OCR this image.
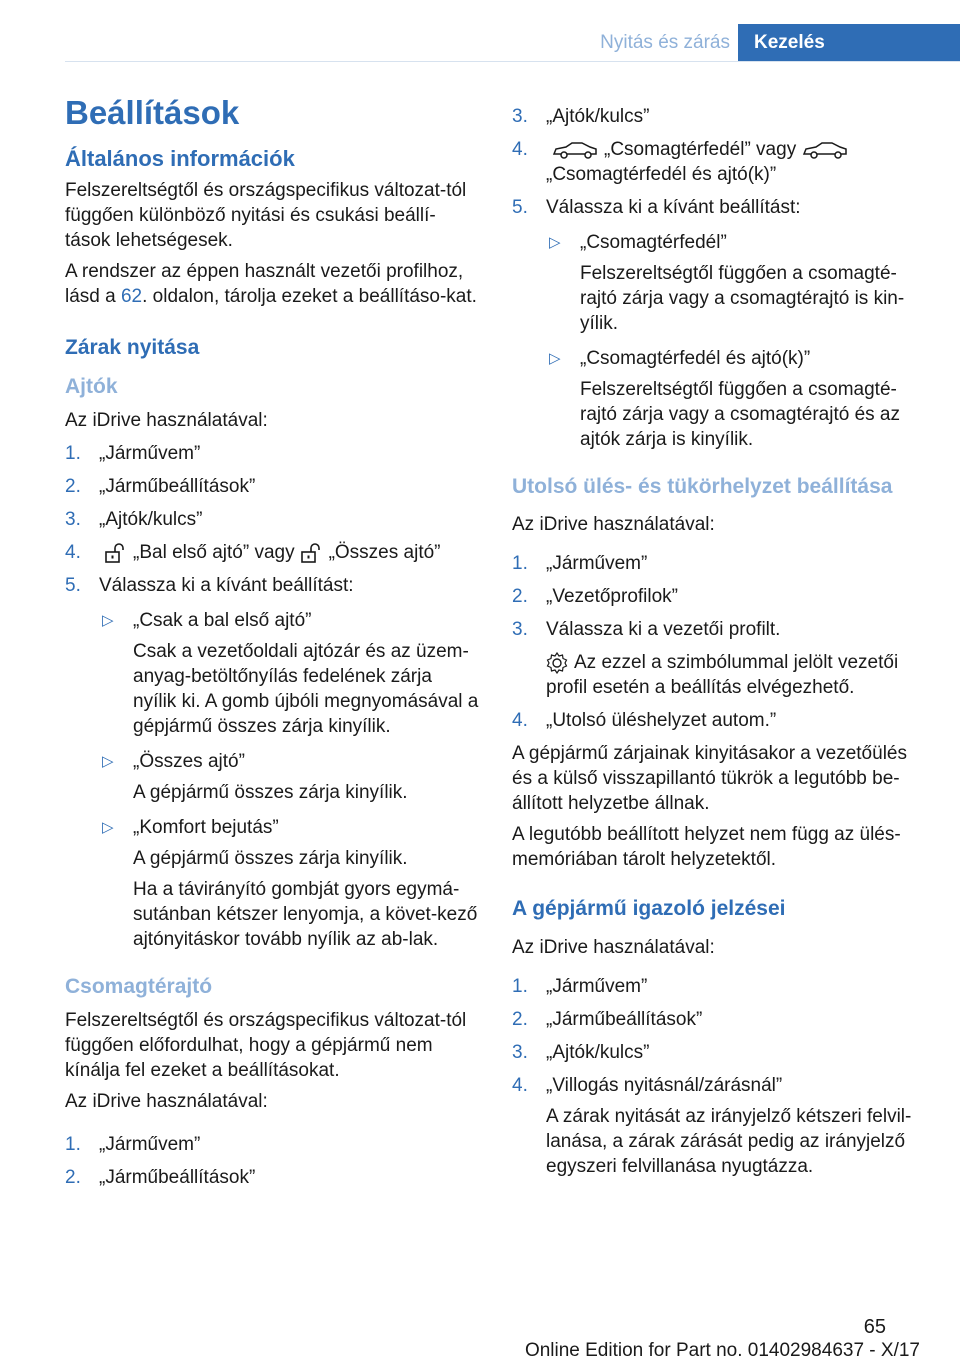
Nyitás és zárás	Kezelés
Beállítások
Általános információk

Felszereltségtől és országspecifikus változat-tól függően különböző nyitási és csukási beállí-tások lehetségesek.

A rendszer az éppen használt vezetői profilhoz, lásd a 62. oldalon, tárolja ezeket a beállításo-kat.

Zárak nyitása
Ajtók

Az iDrive használatával:

1. „Járművem”
2. „Járműbeállítások”
3. „Ajtók/kulcs”
4.	„Bal első ajtó” vagy „Összes ajtó”
5. Válassza ki a kívánt beállítást:
▷ „Csak a bal első ajtó”
Csak a vezetőoldali ajtózár és az üzem-anyag-betöltőnyílás fedelének zárja nyílik ki. A gomb újbóli megnyomásával a gépjármű összes zárja kinyílik.
▷ „Összes ajtó”
A gépjármű összes zárja kinyílik.
▷ „Komfort bejutás”
A gépjármű összes zárja kinyílik.
Ha a távirányító gombját gyors egymá-sutánban kétszer lenyomja, a követ-kező ajtónyitáskor tovább nyílik az ab-lak.
Csomagtérajtó

Felszereltségtől és országspecifikus változat-tól függően előfordulhat, hogy a gépjármű nem kínálja fel ezeket a beállításokat.

Az iDrive használatával:

1. „Járművem”
2. „Járműbeállítások”
3. „Ajtók/kulcs”
4.	„Csomagtérfedél” vagy
„Csomagtérfedél és ajtó(k)”
5. Válassza ki a kívánt beállítást:
▷ „Csomagtérfedél”
Felszereltségtől függően a csomagté-rajtó zárja vagy a csomagtérajtó is kin-yílik.
▷ „Csomagtérfedél és ajtó(k)”
Felszereltségtől függően a csomagté-rajtó zárja vagy a csomagtérajtó és az ajtók zárja is kinyílik.
Utolsó ülés- és tükörhelyzet beállítása

Az iDrive használatával:

1. „Járművem”
2. „Vezetőprofilok”
3. Válassza ki a vezetői profilt.
Az ezzel a szimbólummal jelölt vezetői profil esetén a beállítás elvégezhető.
4. „Utolsó üléshelyzet autom.”

A gépjármű zárjainak kinyitásakor a vezetőülés és a külső visszapillantó tükrök a legutóbb be-állított helyzetbe állnak.

A legutóbb beállított helyzet nem függ az ülés-memóriában tárolt helyzetektől.

A gépjármű igazoló jelzései

Az iDrive használatával:

1. „Járművem”
2. „Járműbeállítások”
3. „Ajtók/kulcs”
4. „Villogás nyitásnál/zárásnál”
A zárak nyitását az irányjelző kétszeri felvil-lanása, a zárak zárását pedig az irányjelző egyszeri felvillanása nyugtázza.
65
Online Edition for Part no. 01402984637 - X/17
